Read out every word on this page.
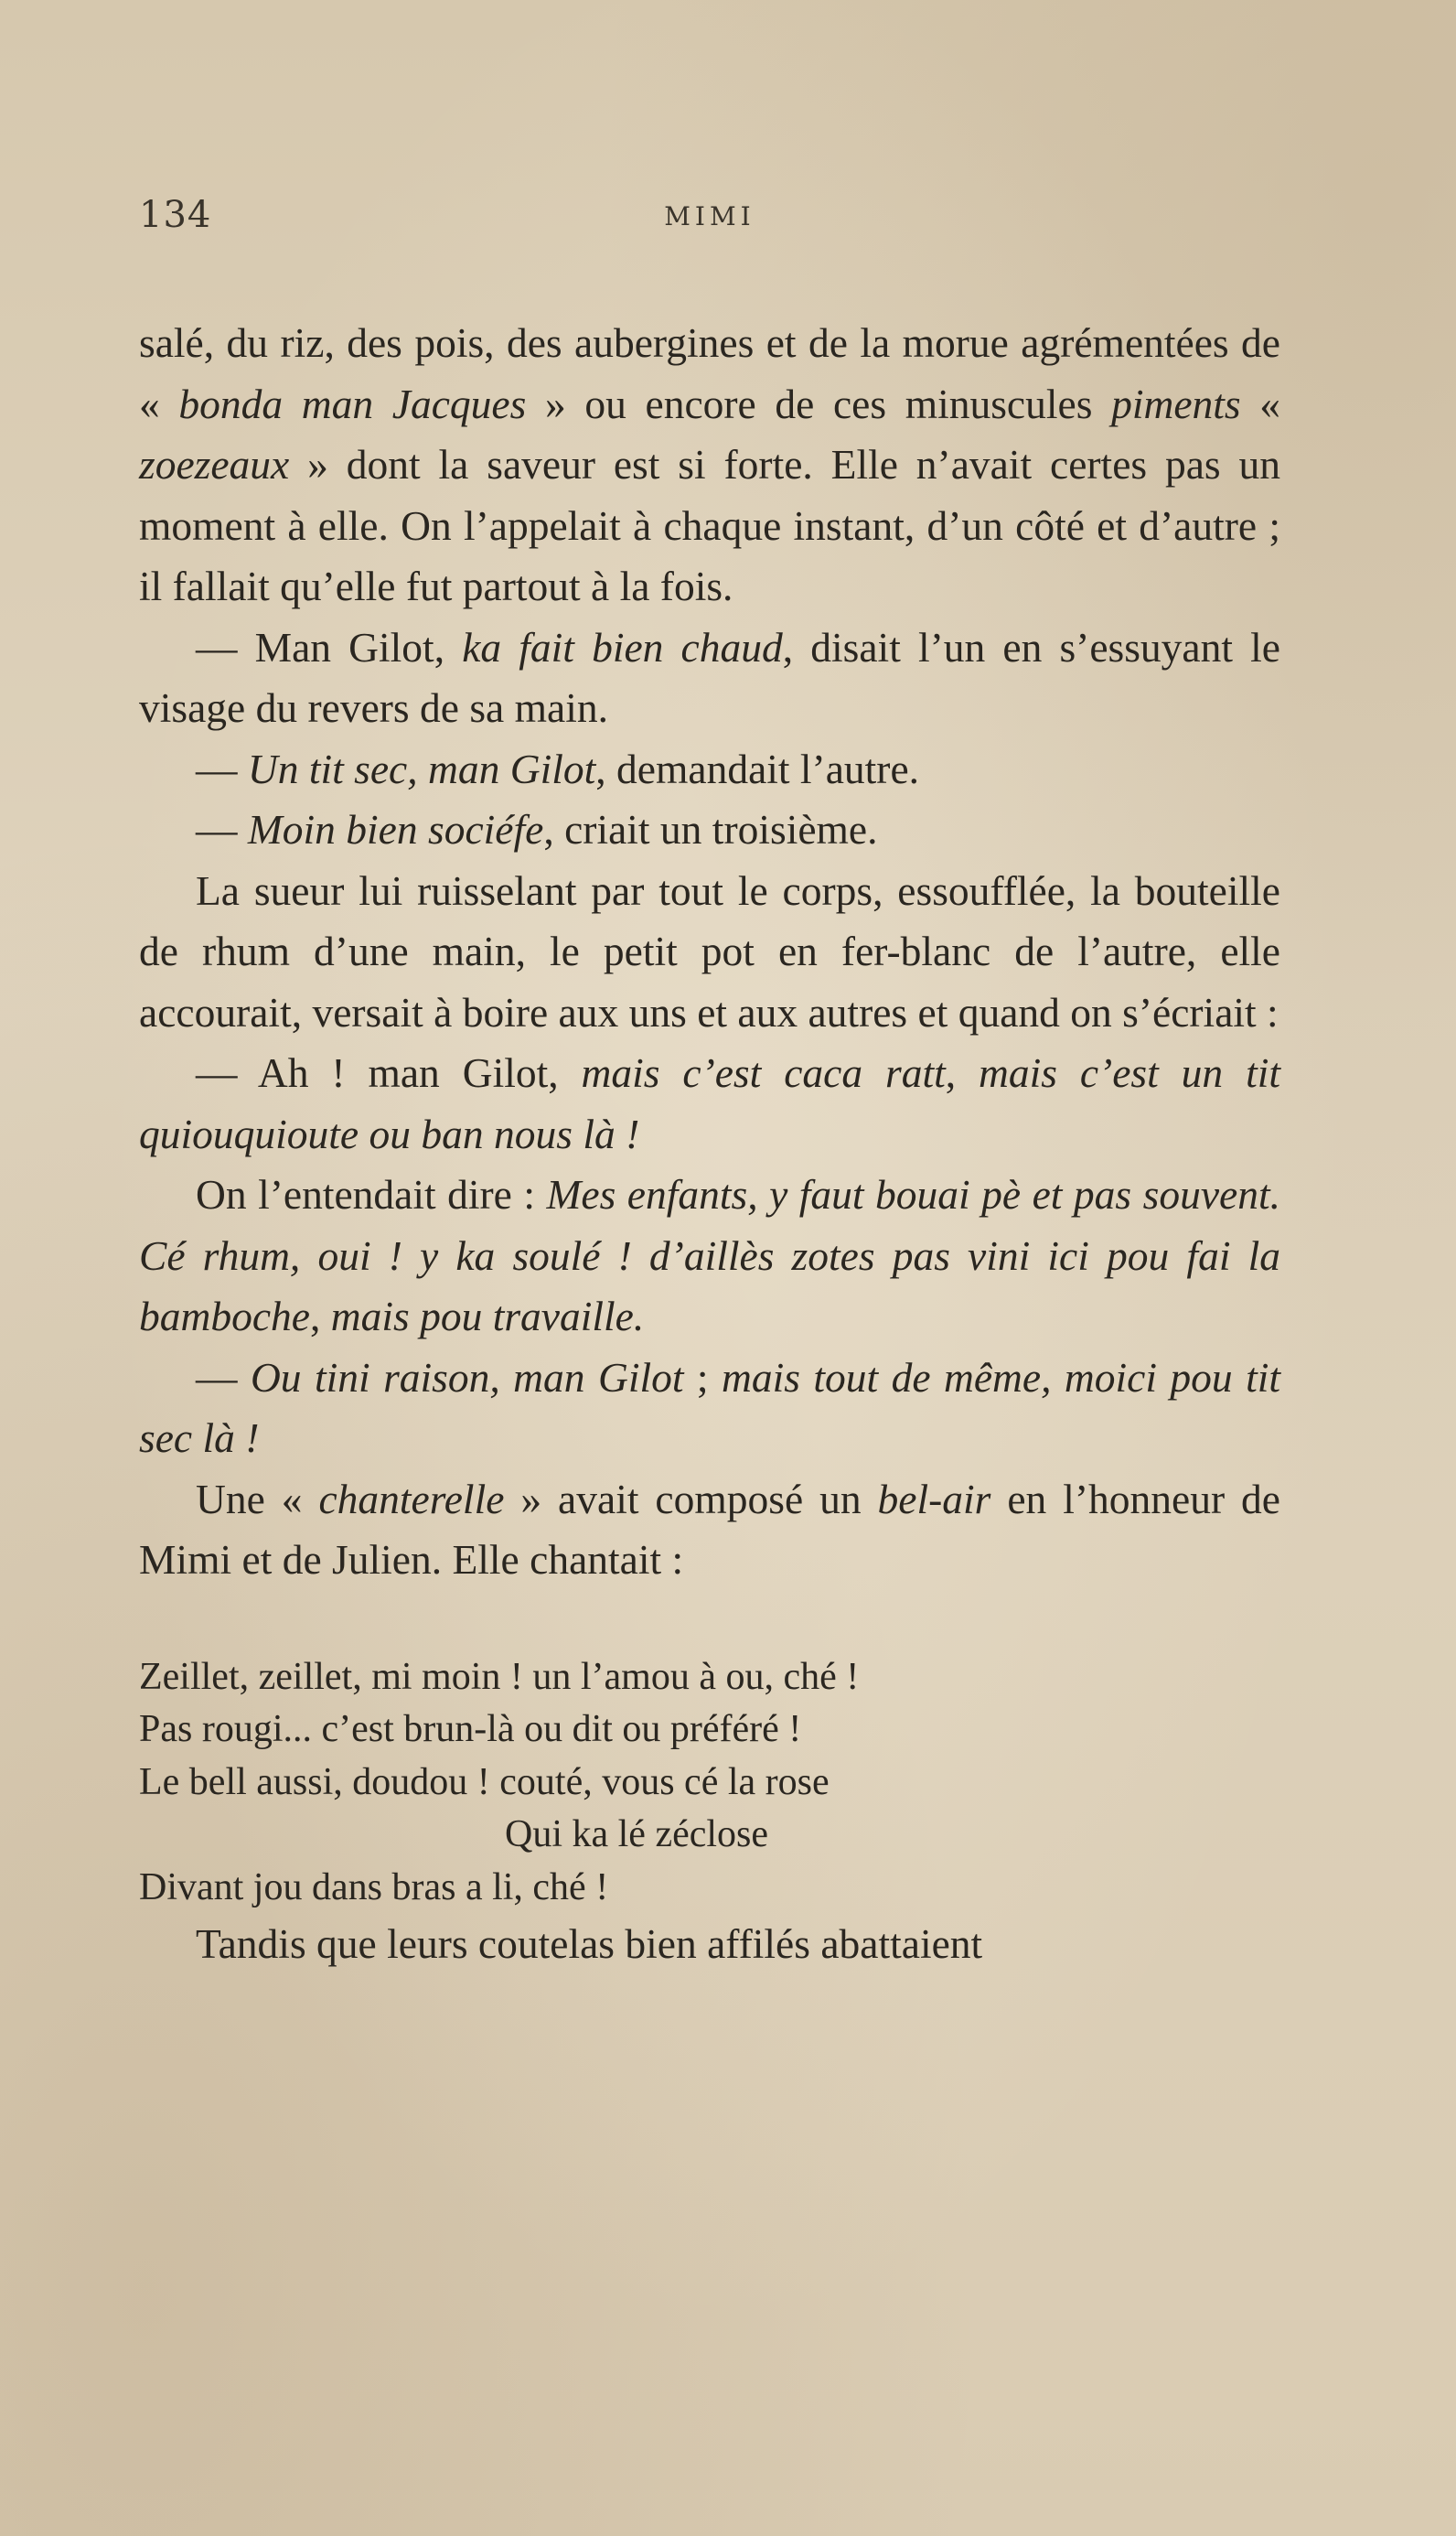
134	MIMI

salé, du riz, des pois, des aubergines et de la morue agrémentées de « bonda man Jacques » ou encore de ces minuscules piments « zoezeaux » dont la saveur est si forte. Elle n’avait certes pas un moment à elle. On l’appelait à chaque instant, d’un côté et d’autre ; il fallait qu’elle fut partout à la fois.

— Man Gilot, ka fait bien chaud, disait l’un en s’essuyant le visage du revers de sa main.

— Un tit sec, man Gilot, demandait l’autre.

— Moin bien sociéfe, criait un troisième.

La sueur lui ruisselant par tout le corps, essoufflée, la bouteille de rhum d’une main, le petit pot en fer-blanc de l’autre, elle accourait, versait à boire aux uns et aux autres et quand on s’écriait :

— Ah ! man Gilot, mais c’est caca ratt, mais c’est un tit quiouquioute ou ban nous là !

On l’entendait dire : Mes enfants, y faut bouai pè et pas souvent. Cé rhum, oui ! y ka soulé ! d’aillès zotes pas vini ici pou fai la bamboche, mais pou travaille.

— Ou tini raison, man Gilot ; mais tout de même, moici pou tit sec là !

Une « chanterelle » avait composé un bel-air en l’honneur de Mimi et de Julien. Elle chantait :

Zeillet, zeillet, mi moin ! un l’amou à ou, ché !
Pas rougi... c’est brun-là ou dit ou préféré !
Le bell aussi, doudou ! couté, vous cé la rose
Qui ka lé zéclose
Divant jou dans bras a li, ché !

Tandis que leurs coutelas bien affilés abattaient
